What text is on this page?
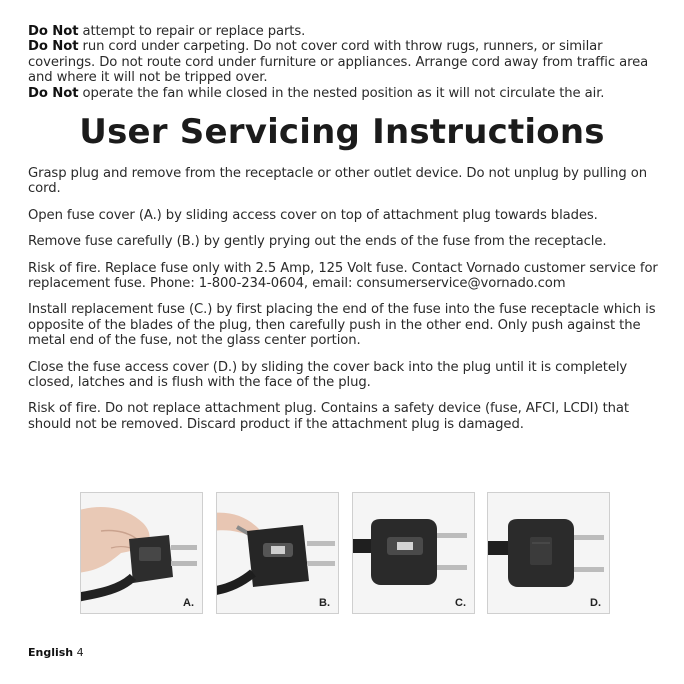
Do Not attempt to repair or replace parts.

Do Not run cord under carpeting. Do not cover cord with throw rugs, runners, or similar coverings. Do not route cord under furniture or appliances. Arrange cord away from traffic area and where it will not be tripped over.

Do Not operate the fan while closed in the nested position as it will not circulate the air.

User Servicing Instructions

Grasp plug and remove from the receptacle or other outlet device. Do not unplug by pulling on cord.

Open fuse cover (A.) by sliding access cover on top of attachment plug towards blades.

Remove fuse carefully (B.) by gently prying out the ends of the fuse from the receptacle.

Risk of fire. Replace fuse only with 2.5 Amp, 125 Volt fuse. Contact Vornado customer service for replacement fuse. Phone: 1-800-234-0604, email: consumerservice@vornado.com

Install replacement fuse (C.) by first placing the end of the fuse into the fuse receptacle which is opposite of the blades of the plug, then carefully push in the other end. Only push against the metal end of the fuse, not the glass center portion.

Close the fuse access cover (D.) by sliding the cover back into the plug until it is completely closed, latches and is flush with the face of the plug.

Risk of fire. Do not replace attachment plug. Contains a safety device (fuse, AFCI, LCDI) that should not be removed. Discard product if the attachment plug is damaged.

A.	B.	C.	D.
English 4
